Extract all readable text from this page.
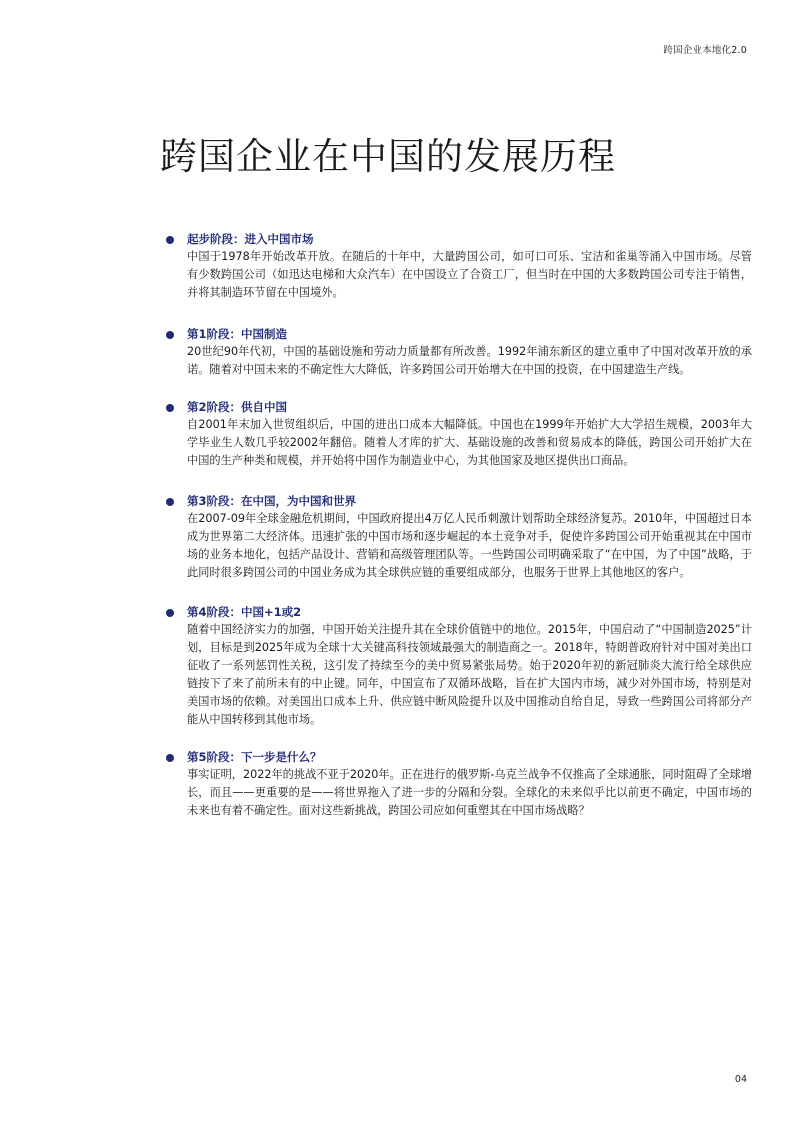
跨国企业本地化2.0
跨国企业在中国的发展历程
起步阶段：进入中国市场
中国于1978年开始改革开放。在随后的十年中，大量跨国公司，如可口可乐、宝洁和雀巢等涌入中国市场。尽管有少数跨国公司（如迅达电梯和大众汽车）在中国设立了合资工厂，但当时在中国的大多数跨国公司专注于销售，并将其制造环节留在中国境外。
第1阶段：中国制造
20世纪90年代初，中国的基础设施和劳动力质量都有所改善。1992年浦东新区的建立重申了中国对改革开放的承诺。随着对中国未来的不确定性大大降低，许多跨国公司开始增大在中国的投资，在中国建造生产线。
第2阶段：供自中国
自2001年末加入世贸组织后，中国的进出口成本大幅降低。中国也在1999年开始扩大大学招生规模，2003年大学毕业生人数几乎较2002年翻倍。随着人才库的扩大、基础设施的改善和贸易成本的降低，跨国公司开始扩大在中国的生产种类和规模，并开始将中国作为制造业中心，为其他国家及地区提供出口商品。
第3阶段：在中国，为中国和世界
在2007-09年全球金融危机期间，中国政府提出4万亿人民币刺激计划帮助全球经济复苏。2010年，中国超过日本成为世界第二大经济体。迅速扩张的中国市场和逐步崛起的本土竞争对手，促使许多跨国公司开始重视其在中国市场的业务本地化，包括产品设计、营销和高级管理团队等。一些跨国公司明确采取了“在中国，为了中国”战略，于此同时很多跨国公司的中国业务成为其全球供应链的重要组成部分，也服务于世界上其他地区的客户。
第4阶段：中国+1或2
随着中国经济实力的加强，中国开始关注提升其在全球价值链中的地位。2015年，中国启动了“中国制造2025”计划，目标是到2025年成为全球十大关键高科技领域最强大的制造商之一。2018年，特朗普政府针对中国对美出口征收了一系列惩罚性关税，这引发了持续至今的美中贸易紧张局势。始于2020年初的新冠肺炎大流行给全球供应链按下了来了前所未有的中止键。同年，中国宣布了双循环战略，旨在扩大国内市场，减少对外国市场，特别是对美国市场的依赖。对美国出口成本上升、供应链中断风险提升以及中国推动自给自足，导致一些跨国公司将部分产能从中国转移到其他市场。
第5阶段：下一步是什么？
事实证明，2022年的挑战不亚于2020年。正在进行的俄罗斯-乌克兰战争不仅推高了全球通胀，同时阻碍了全球增长，而且——更重要的是——将世界拖入了进一步的分隔和分裂。全球化的未来似乎比以前更不确定，中国市场的未来也有着不确定性。面对这些新挑战，跨国公司应如何重塑其在中国市场战略？
04
